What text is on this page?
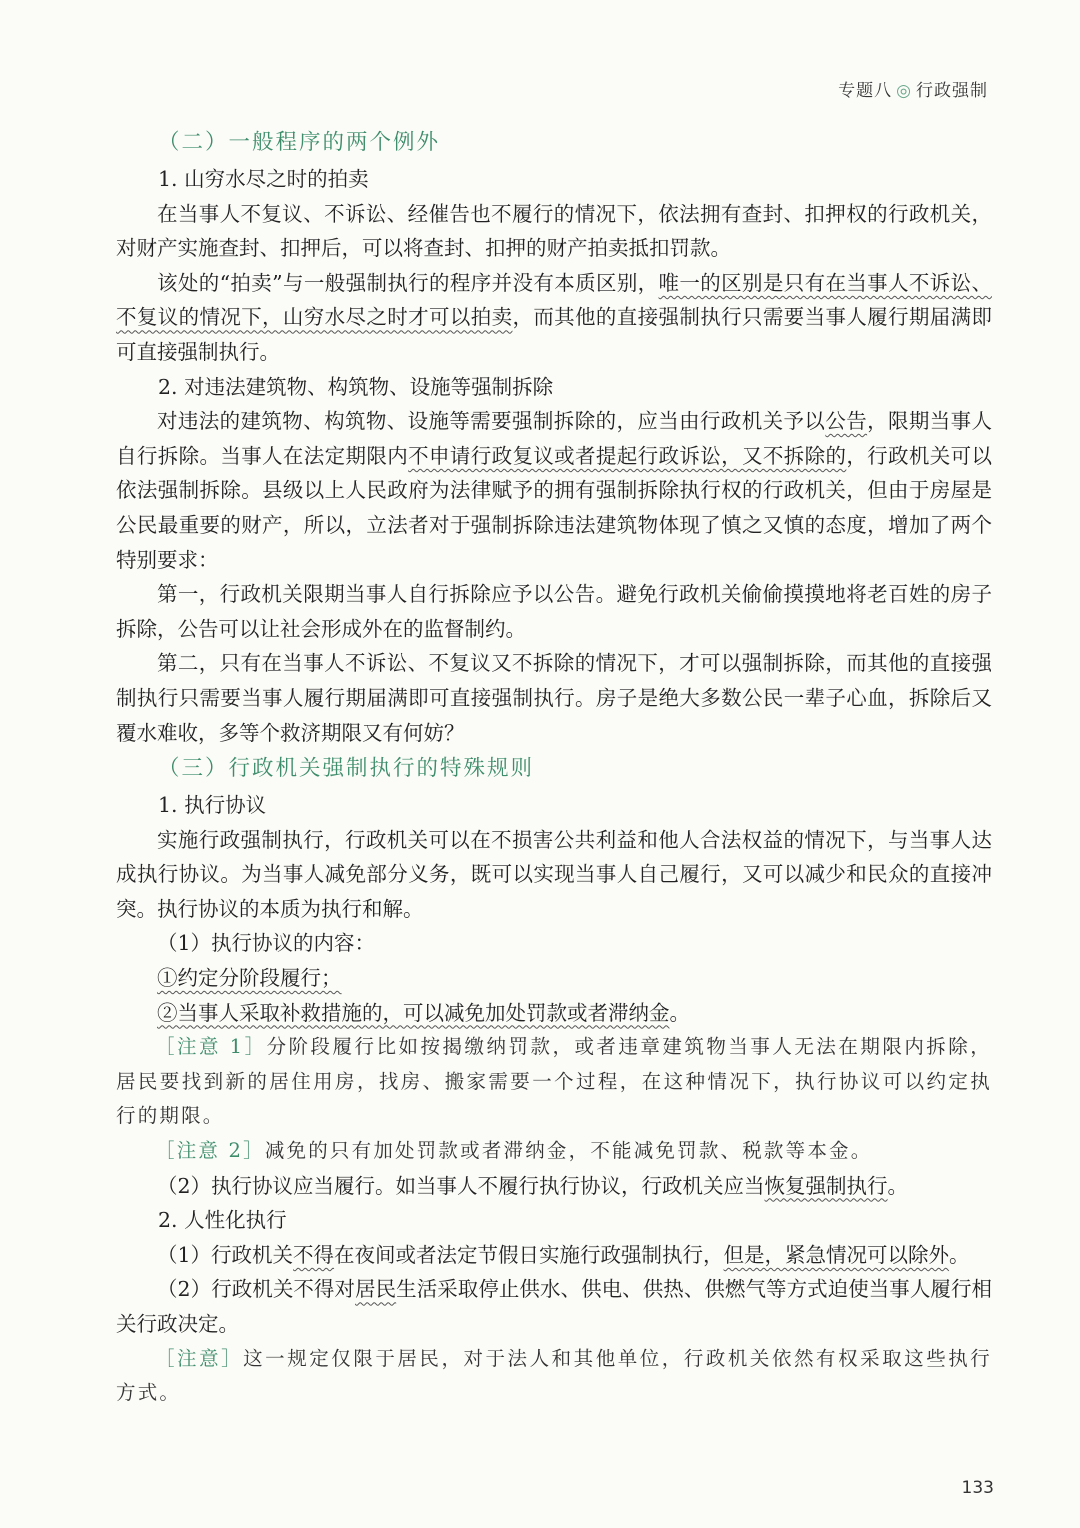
专题八 ◎ 行政强制
（二）一般程序的两个例外

1. 山穷水尽之时的拍卖

在当事人不复议、不诉讼、经催告也不履行的情况下，依法拥有查封、扣押权的行政机关，对财产实施查封、扣押后，可以将查封、扣押的财产拍卖抵扣罚款。

该处的“拍卖”与一般强制执行的程序并没有本质区别，唯一的区别是只有在当事人不诉讼、不复议的情况下，山穷水尽之时才可以拍卖，而其他的直接强制执行只需要当事人履行期届满即可直接强制执行。

2. 对违法建筑物、构筑物、设施等强制拆除

对违法的建筑物、构筑物、设施等需要强制拆除的，应当由行政机关予以公告，限期当事人自行拆除。当事人在法定期限内不申请行政复议或者提起行政诉讼，又不拆除的，行政机关可以依法强制拆除。县级以上人民政府为法律赋予的拥有强制拆除执行权的行政机关，但由于房屋是公民最重要的财产，所以，立法者对于强制拆除违法建筑物体现了慎之又慎的态度，增加了两个特别要求：

第一，行政机关限期当事人自行拆除应予以公告。避免行政机关偷偷摸摸地将老百姓的房子拆除，公告可以让社会形成外在的监督制约。

第二，只有在当事人不诉讼、不复议又不拆除的情况下，才可以强制拆除，而其他的直接强制执行只需要当事人履行期届满即可直接强制执行。房子是绝大多数公民一辈子心血，拆除后又覆水难收，多等个救济期限又有何妨？

（三）行政机关强制执行的特殊规则

1. 执行协议

实施行政强制执行，行政机关可以在不损害公共利益和他人合法权益的情况下，与当事人达成执行协议。为当事人减免部分义务，既可以实现当事人自己履行，又可以减少和民众的直接冲突。执行协议的本质为执行和解。

（1）执行协议的内容：

①约定分阶段履行；

②当事人采取补救措施的，可以减免加处罚款或者滞纳金。

［注意 1］分阶段履行比如按揭缴纳罚款，或者违章建筑物当事人无法在期限内拆除，居民要找到新的居住用房，找房、搬家需要一个过程，在这种情况下，执行协议可以约定执行的期限。

［注意 2］减免的只有加处罚款或者滞纳金，不能减免罚款、税款等本金。

（2）执行协议应当履行。如当事人不履行执行协议，行政机关应当恢复强制执行。

2. 人性化执行

（1）行政机关不得在夜间或者法定节假日实施行政强制执行，但是，紧急情况可以除外。

（2）行政机关不得对居民生活采取停止供水、供电、供热、供燃气等方式迫使当事人履行相关行政决定。

［注意］这一规定仅限于居民，对于法人和其他单位，行政机关依然有权采取这些执行方式。

133
